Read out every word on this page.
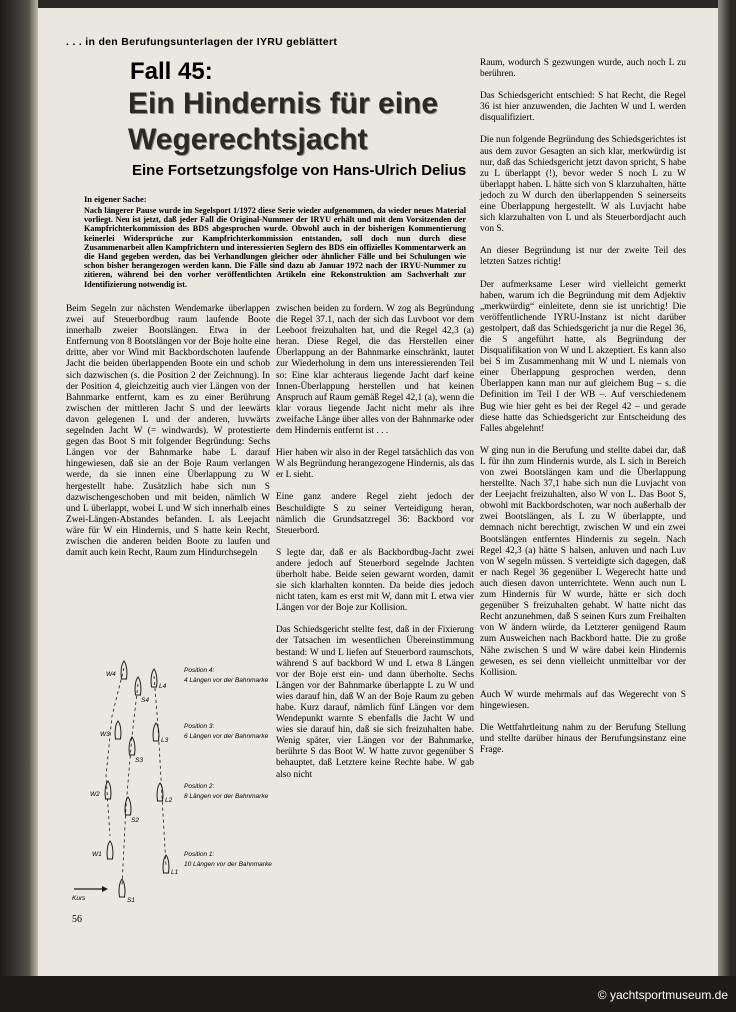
. . . in den Berufungsunterlagen der IYRU geblättert
Fall 45:
Ein Hindernis für eine Wegerechtsjacht
Eine Fortsetzungsfolge von Hans-Ulrich Delius
In eigener Sache:
Nach längerer Pause wurde im Segelsport 1/1972 diese Serie wieder aufgenommen, da wieder neues Material vorliegt. Neu ist jetzt, daß jeder Fall die Original-Nummer der IRYU erhält und mit dem Vorsitzenden der Kampfrichterkommission des BDS abgesprochen wurde. Obwohl auch in der bisherigen Kommentierung keinerlei Widersprüche zur Kampfrichterkommission entstanden, soll doch nun durch diese Zusammenarbeit allen Kampfrichtern und interessierten Seglern des BDS ein offizielles Kommentarwerk an die Hand gegeben werden, das bei Verhandlungen gleicher oder ähnlicher Fälle und bei Schulungen wie schon bisher herangezogen werden kann. Die Fälle sind dazu ab Januar 1972 nach der IRYU-Nummer zu zitieren, während bei den vorher veröffentlichten Artikeln eine Rekonstruktion am Sachverhalt zur Identifizierung notwendig ist.

Beim Segeln zur nächsten Wendemarke überlappen zwei auf Steuerbordbug raum laufende Boote innerhalb zweier Bootslängen. Etwa in der Entfernung von 8 Bootslängen vor der Boje holte eine dritte, aber vor Wind mit Backbordschoten laufende Jacht die beiden überlappenden Boote ein und schob sich dazwischen (s. die Position 2 der Zeichnung). In der Position 4, gleichzeitig auch vier Längen von der Bahnmarke entfernt, kam es zu einer Berührung zwischen der mittleren Jacht S und der leewärts davon gelegenen L und der anderen, luvwärts segelnden Jacht W (= windwards). W protestierte gegen das Boot S mit folgender Begründung: Sechs Längen vor der Bahnmarke habe L darauf hingewiesen, daß sie an der Boje Raum verlangen werde, da sie innen eine Überlappung zu W hergestellt habe. Zusätzlich habe sich nun S dazwischengeschoben und mit beiden, nämlich W und L überlappt, wobei L und W sich innerhalb eines Zwei-Längen-Abstandes befanden. L als Leejacht wäre für W ein Hindernis, und S hatte kein Recht, zwischen die anderen beiden Boote zu laufen und damit auch kein Recht, Raum zum Hindurchsegeln

zwischen beiden zu fordern. W zog als Begründung die Regel 37.1, nach der sich das Luvboot vor dem Leeboot freizuhalten hat, und die Regel 42,3 (a) heran. Diese Regel, die das Herstellen einer Überlappung an der Bahnmarke einschränkt, lautet zur Wiederholung in dem uns interessierenden Teil so: Eine klar achteraus liegende Jacht darf keine Innen-Überlappung herstellen und hat keinen Anspruch auf Raum gemäß Regel 42,1 (a), wenn die klar voraus liegende Jacht nicht mehr als ihre zweifache Länge über alles von der Bahnmarke oder dem Hindernis entfernt ist . . .

Hier haben wir also in der Regel tatsächlich das von W als Begründung herangezogene Hindernis, als das er L sieht.

Eine ganz andere Regel zieht jedoch der Beschuldigte S zu seiner Verteidigung heran, nämlich die Grundsatzregel 36: Backbord vor Steuerbord.

S legte dar, daß er als Backbordbug-Jacht zwei andere jedoch auf Steuerbord segelnde Jachten überholt habe. Beide seien gewarnt worden, damit sie sich klarhalten konnten. Da beide dies jedoch nicht taten, kam es erst mit W, dann mit L etwa vier Längen vor der Boje zur Kollision.

Das Schiedsgericht stellte fest, daß in der Fixierung der Tatsachen im wesentlichen Übereinstimmung bestand: W und L liefen auf Steuerbord raumschots, während S auf backbord W und L etwa 8 Längen vor der Boje erst ein- und dann überholte. Sechs Längen vor der Bahnmarke überlappte L zu W und wies darauf hin, daß W an der Boje Raum zu geben habe. Kurz darauf, nämlich fünf Längen vor dem Wendepunkt warnte S ebenfalls die Jacht W und wies sie darauf hin, daß sie sich freizuhalten habe. Wenig später, vier Längen vor der Bahnmarke, berührte S das Boot W. W hatte zuvor gegenüber S behauptet, daß Letztere keine Rechte habe. W gab also nicht

Raum, wodurch S gezwungen wurde, auch noch L zu berühren.

Das Schiedsgericht entschied: S hat Recht, die Regel 36 ist hier anzuwenden, die Jachten W und L werden disqualifiziert.

Die nun folgende Begründung des Schiedsgerichtes ist aus dem zuvor Gesagten an sich klar, merkwürdig ist nur, daß das Schiedsgericht jetzt davon spricht, S habe zu L überlappt (!), bevor weder S noch L zu W überlappt haben. L hätte sich von S klarzuhalten, hätte jedoch zu W durch den überlappenden S seinerseits eine Überlappung hergestellt. W als Luvjacht habe sich klarzuhalten von L und als Steuerbordjacht auch von S.

An dieser Begründung ist nur der zweite Teil des letzten Satzes richtig!

Der aufmerksame Leser wird vielleicht gemerkt haben, warum ich die Begründung mit dem Adjektiv „merkwürdig“ einleitete, denn sie ist unrichtig! Die veröffentlichende IYRU-Instanz ist nicht darüber gestolpert, daß das Schiedsgericht ja nur die Regel 36, die S angeführt hatte, als Begründung der Disqualifikation von W und L akzeptiert. Es kann also bei S im Zusammenhang mit W und L niemals von einer Überlappung gesprochen werden, denn Überlappen kann man nur auf gleichem Bug – s. die Definition im Teil I der WB –. Auf verschiedenem Bug wie hier geht es bei der Regel 42 – und gerade diese hatte das Schiedsgericht zur Entscheidung des Falles abgelehnt!

W ging nun in die Berufung und stellte dabei dar, daß L für ihn zum Hindernis wurde, als L sich in Bereich von zwei Bootslängen kam und die Überlappung herstellte. Nach 37,1 habe sich nun die Luvjacht von der Leejacht freizuhalten, also W von L. Das Boot S, obwohl mit Backbordschoten, war noch außerhalb der zwei Bootslängen, als L zu W überlappte, und demnach nicht berechtigt, zwischen W und ein zwei Bootslängen entferntes Hindernis zu segeln. Nach Regel 42,3 (a) hätte S halsen, anluven und nach Luv von W segeln müssen. S verteidigte sich dagegen, daß er nach Regel 36 gegenüber L Wegerecht hatte und auch diesen davon unterrichtete. Wenn auch nun L zum Hindernis für W wurde, hätte er sich doch gegenüber S freizuhalten gehabt. W hatte nicht das Recht anzunehmen, daß S seinen Kurs zum Freihalten von W ändern würde, da Letzterer genügend Raum zum Ausweichen nach Backbord hatte. Die zu große Nähe zwischen S und W wäre dabei kein Hindernis gewesen, es sei denn vielleicht unmittelbar vor der Kollision.

Auch W wurde mehrmals auf das Wegerecht von S hingewiesen.

Die Wettfahrtleitung nahm zu der Berufung Stellung und stellte darüber hinaus der Berufungsinstanz eine Frage.

Kurs
W4
S4
L4
Position 4:
4 Längen vor der Bahnmarke
W3
S3
L3
Position 3:
6 Längen vor der Bahnmarke
W2
S2
L2
Position 2:
8 Längen vor der Bahnmarke
W1
L1
S1
Position 1:
10 Längen vor der Bahnmarke
56
© yachtsportmuseum.de
